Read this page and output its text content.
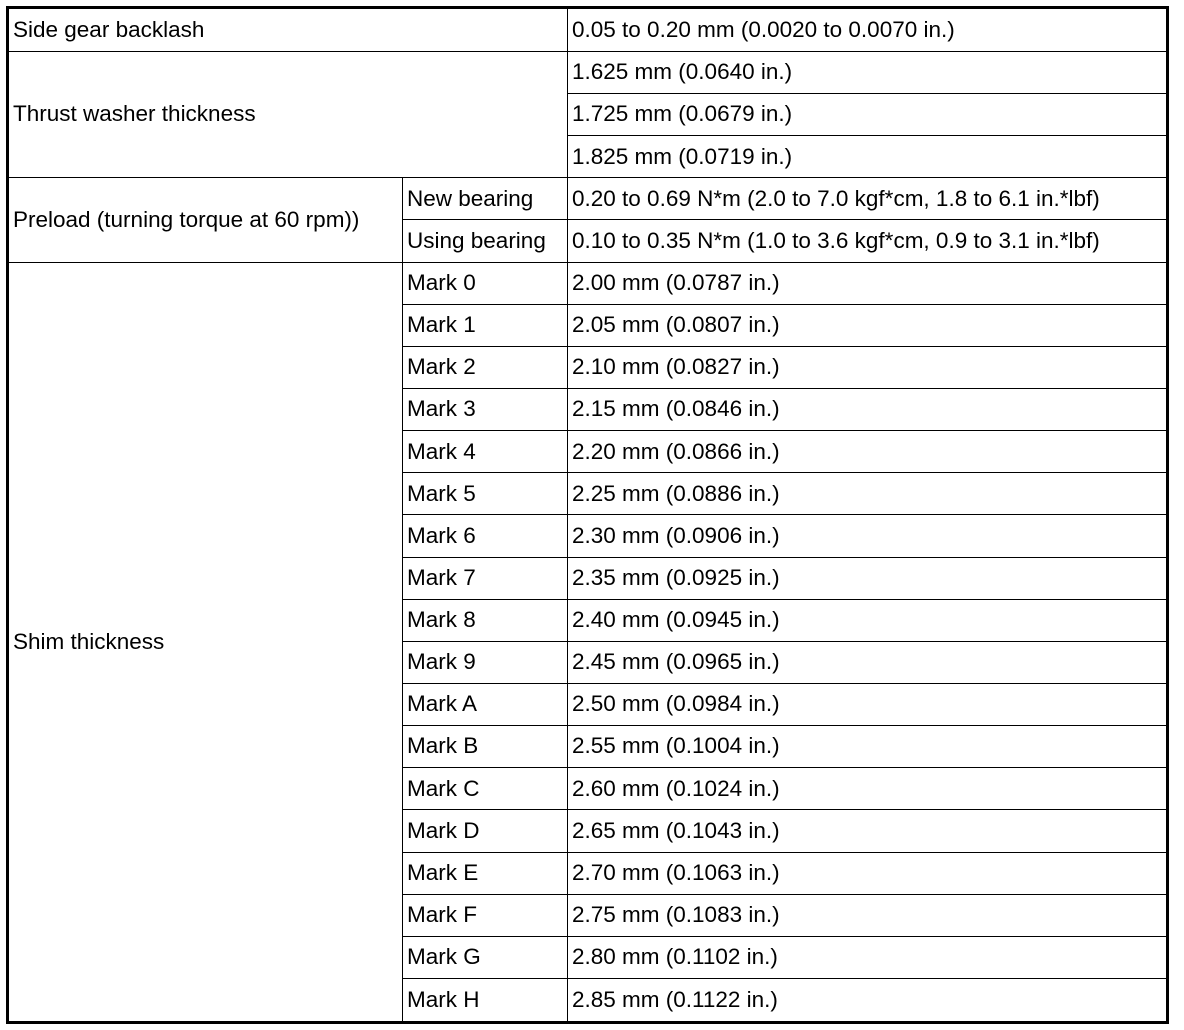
Side gear backlash		0.05 to 0.20 mm (0.0020 to 0.0070 in.)
Thrust washer thickness		1.625 mm (0.0640 in.)
		1.725 mm (0.0679 in.)
		1.825 mm (0.0719 in.)
Preload (turning torque at 60 rpm))	New bearing	0.20 to 0.69 N*m (2.0 to 7.0 kgf*cm, 1.8 to 6.1 in.*lbf)
	Using bearing	0.10 to 0.35 N*m (1.0 to 3.6 kgf*cm, 0.9 to 3.1 in.*lbf)
Shim thickness	Mark 0	2.00 mm (0.0787 in.)
	Mark 1	2.05 mm (0.0807 in.)
	Mark 2	2.10 mm (0.0827 in.)
	Mark 3	2.15 mm (0.0846 in.)
	Mark 4	2.20 mm (0.0866 in.)
	Mark 5	2.25 mm (0.0886 in.)
	Mark 6	2.30 mm (0.0906 in.)
	Mark 7	2.35 mm (0.0925 in.)
	Mark 8	2.40 mm (0.0945 in.)
	Mark 9	2.45 mm (0.0965 in.)
	Mark A	2.50 mm (0.0984 in.)
	Mark B	2.55 mm (0.1004 in.)
	Mark C	2.60 mm (0.1024 in.)
	Mark D	2.65 mm (0.1043 in.)
	Mark E	2.70 mm (0.1063 in.)
	Mark F	2.75 mm (0.1083 in.)
	Mark G	2.80 mm (0.1102 in.)
	Mark H	2.85 mm (0.1122 in.)
